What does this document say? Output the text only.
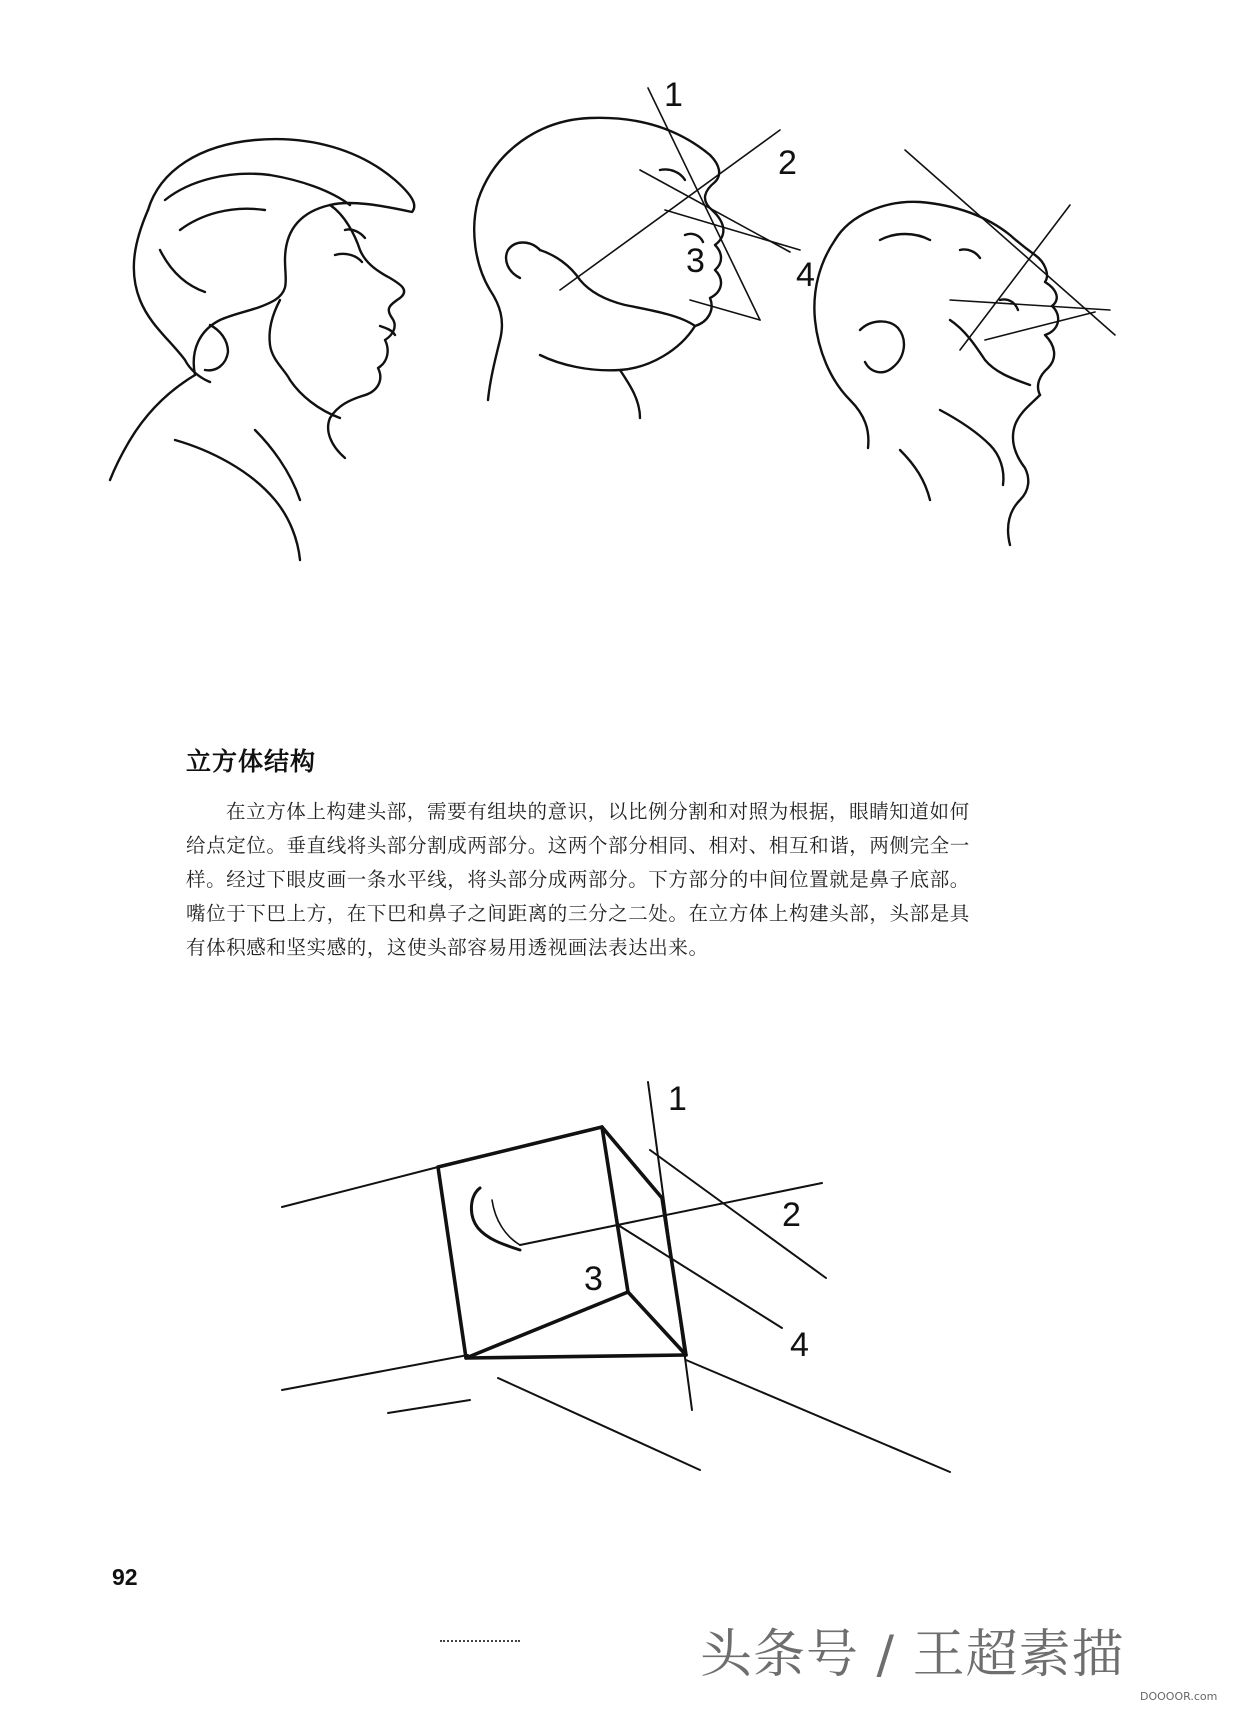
1
2
3	4
立方体结构
在立方体上构建头部，需要有组块的意识，以比例分割和对照为根据，眼睛知道如何
给点定位。垂直线将头部分割成两部分。这两个部分相同、相对、相互和谐，两侧完全一
样。经过下眼皮画一条水平线，将头部分成两部分。下方部分的中间位置就是鼻子底部。
嘴位于下巴上方，在下巴和鼻子之间距离的三分之二处。在立方体上构建头部，头部是具
有体积感和坚实感的，这使头部容易用透视画法表达出来。
1
2
3
4
92
头条号 / 王超素描
DOOOOR.com
